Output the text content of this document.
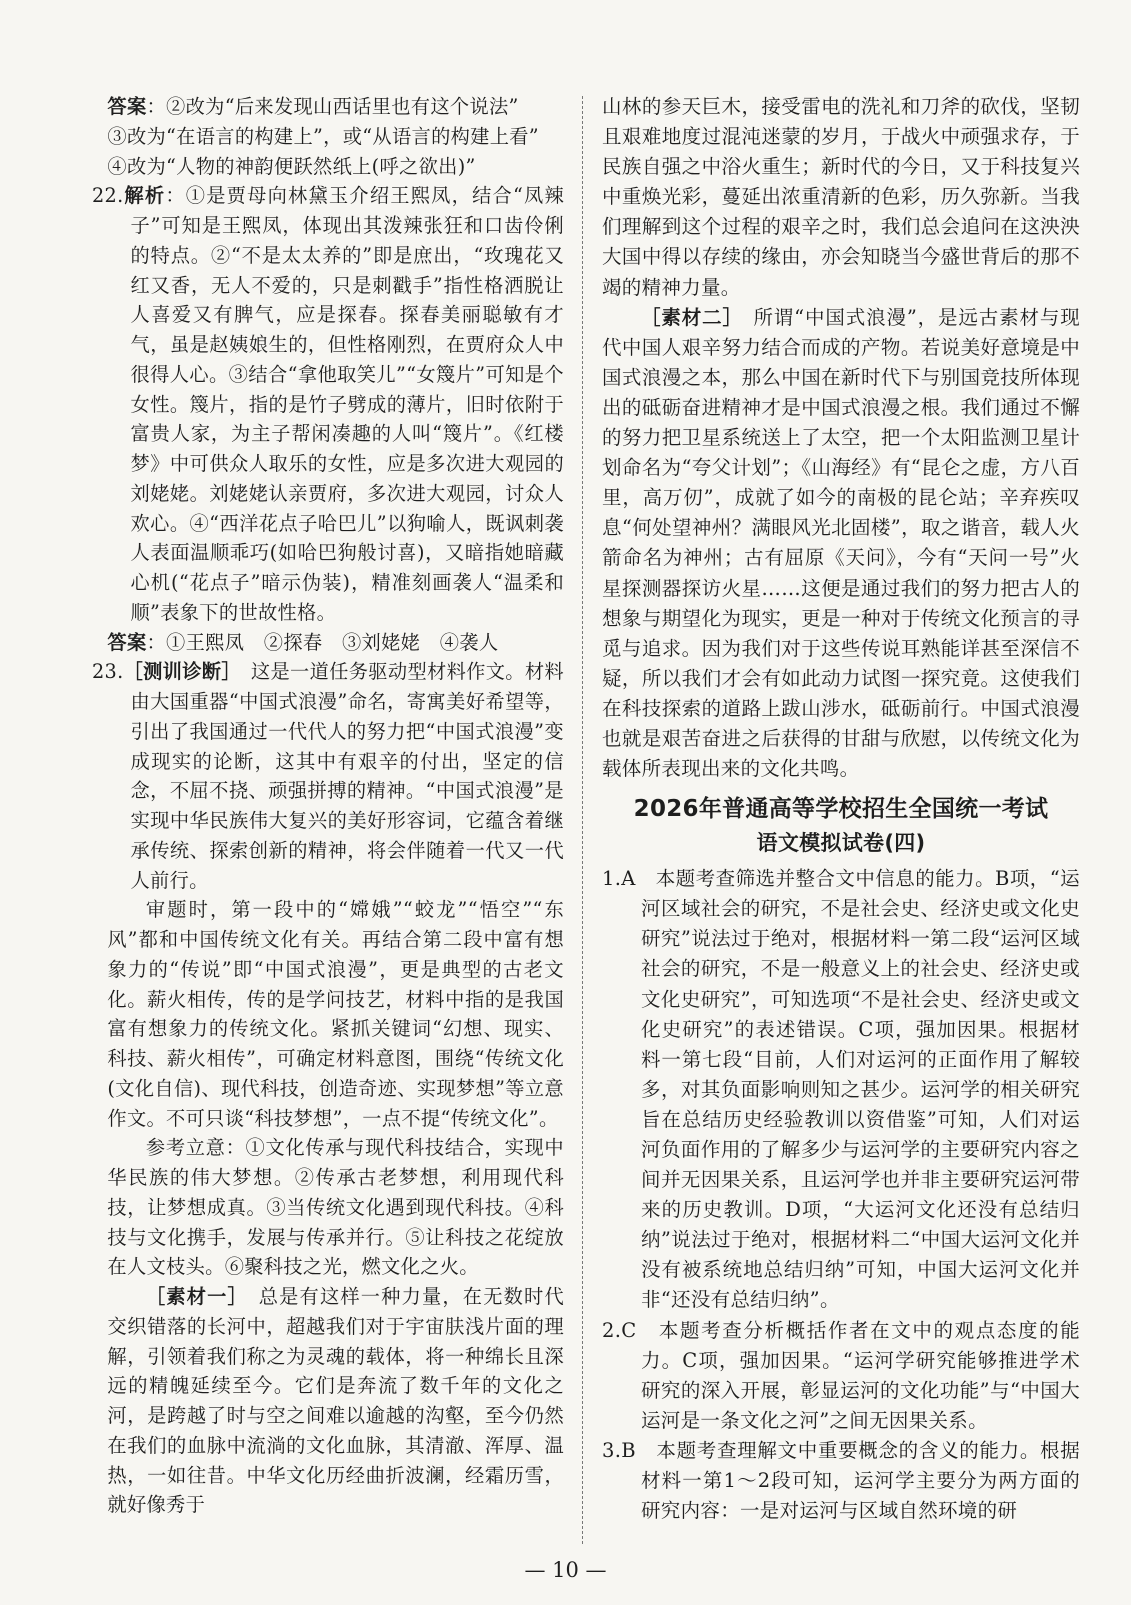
答案：②改为“后来发现山西话里也有这个说法”

③改为“在语言的构建上”，或“从语言的构建上看”

④改为“人物的神韵便跃然纸上(呼之欲出)”

22.解析：①是贾母向林黛玉介绍王熙凤，结合“凤辣子”可知是王熙凤，体现出其泼辣张狂和口齿伶俐的特点。②“不是太太养的”即是庶出，“玫瑰花又红又香，无人不爱的，只是刺戳手”指性格洒脱让人喜爱又有脾气，应是探春。探春美丽聪敏有才气，虽是赵姨娘生的，但性格刚烈，在贾府众人中很得人心。③结合“拿他取笑儿”“女篾片”可知是个女性。篾片，指的是竹子劈成的薄片，旧时依附于富贵人家，为主子帮闲凑趣的人叫“篾片”。《红楼梦》中可供众人取乐的女性，应是多次进大观园的刘姥姥。刘姥姥认亲贾府，多次进大观园，讨众人欢心。④“西洋花点子哈巴儿”以狗喻人，既讽刺袭人表面温顺乖巧(如哈巴狗般讨喜)，又暗指她暗藏心机(“花点子”暗示伪装)，精准刻画袭人“温柔和顺”表象下的世故性格。

答案：①王熙凤　②探春　③刘姥姥　④袭人

23.［测训诊断］　这是一道任务驱动型材料作文。材料由大国重器“中国式浪漫”命名，寄寓美好希望等，引出了我国通过一代代人的努力把“中国式浪漫”变成现实的论断，这其中有艰辛的付出，坚定的信念，不屈不挠、顽强拼搏的精神。“中国式浪漫”是实现中华民族伟大复兴的美好形容词，它蕴含着继承传统、探索创新的精神，将会伴随着一代又一代人前行。

审题时，第一段中的“嫦娥”“蛟龙”“悟空”“东风”都和中国传统文化有关。再结合第二段中富有想象力的“传说”即“中国式浪漫”，更是典型的古老文化。薪火相传，传的是学问技艺，材料中指的是我国富有想象力的传统文化。紧抓关键词“幻想、现实、科技、薪火相传”，可确定材料意图，围绕“传统文化(文化自信)、现代科技，创造奇迹、实现梦想”等立意作文。不可只谈“科技梦想”，一点不提“传统文化”。

参考立意：①文化传承与现代科技结合，实现中华民族的伟大梦想。②传承古老梦想，利用现代科技，让梦想成真。③当传统文化遇到现代科技。④科技与文化携手，发展与传承并行。⑤让科技之花绽放在人文枝头。⑥聚科技之光，燃文化之火。

［素材一］　总是有这样一种力量，在无数时代交织错落的长河中，超越我们对于宇宙肤浅片面的理解，引领着我们称之为灵魂的载体，将一种绵长且深远的精魄延续至今。它们是奔流了数千年的文化之河，是跨越了时与空之间难以逾越的沟壑，至今仍然在我们的血脉中流淌的文化血脉，其清澈、浑厚、温热，一如往昔。中华文化历经曲折波澜，经霜历雪，就好像秀于

山林的参天巨木，接受雷电的洗礼和刀斧的砍伐，坚韧且艰难地度过混沌迷蒙的岁月，于战火中顽强求存，于民族自强之中浴火重生；新时代的今日，又于科技复兴中重焕光彩，蔓延出浓重清新的色彩，历久弥新。当我们理解到这个过程的艰辛之时，我们总会追问在这泱泱大国中得以存续的缘由，亦会知晓当今盛世背后的那不竭的精神力量。

［素材二］　所谓“中国式浪漫”，是远古素材与现代中国人艰辛努力结合而成的产物。若说美好意境是中国式浪漫之本，那么中国在新时代下与别国竞技所体现出的砥砺奋进精神才是中国式浪漫之根。我们通过不懈的努力把卫星系统送上了太空，把一个太阳监测卫星计划命名为“夸父计划”；《山海经》有“昆仑之虚，方八百里，高万仞”，成就了如今的南极的昆仑站；辛弃疾叹息“何处望神州？满眼风光北固楼”，取之谐音，载人火箭命名为神州；古有屈原《天问》，今有“天问一号”火星探测器探访火星……这便是通过我们的努力把古人的想象与期望化为现实，更是一种对于传统文化预言的寻觅与追求。因为我们对于这些传说耳熟能详甚至深信不疑，所以我们才会有如此动力试图一探究竟。这使我们在科技探索的道路上跋山涉水，砥砺前行。中国式浪漫也就是艰苦奋进之后获得的甘甜与欣慰，以传统文化为载体所表现出来的文化共鸣。

2026年普通高等学校招生全国统一考试
语文模拟试卷(四)

1.A　本题考查筛选并整合文中信息的能力。B项，“运河区域社会的研究，不是社会史、经济史或文化史研究”说法过于绝对，根据材料一第二段“运河区域社会的研究，不是一般意义上的社会史、经济史或文化史研究”，可知选项“不是社会史、经济史或文化史研究”的表述错误。C项，强加因果。根据材料一第七段“目前，人们对运河的正面作用了解较多，对其负面影响则知之甚少。运河学的相关研究旨在总结历史经验教训以资借鉴”可知，人们对运河负面作用的了解多少与运河学的主要研究内容之间并无因果关系，且运河学也并非主要研究运河带来的历史教训。D项，“大运河文化还没有总结归纳”说法过于绝对，根据材料二“中国大运河文化并没有被系统地总结归纳”可知，中国大运河文化并非“还没有总结归纳”。

2.C　本题考查分析概括作者在文中的观点态度的能力。C项，强加因果。“运河学研究能够推进学术研究的深入开展，彰显运河的文化功能”与“中国大运河是一条文化之河”之间无因果关系。

3.B　本题考查理解文中重要概念的含义的能力。根据材料一第1～2段可知，运河学主要分为两方面的研究内容：一是对运河与区域自然环境的研

— 10 —
